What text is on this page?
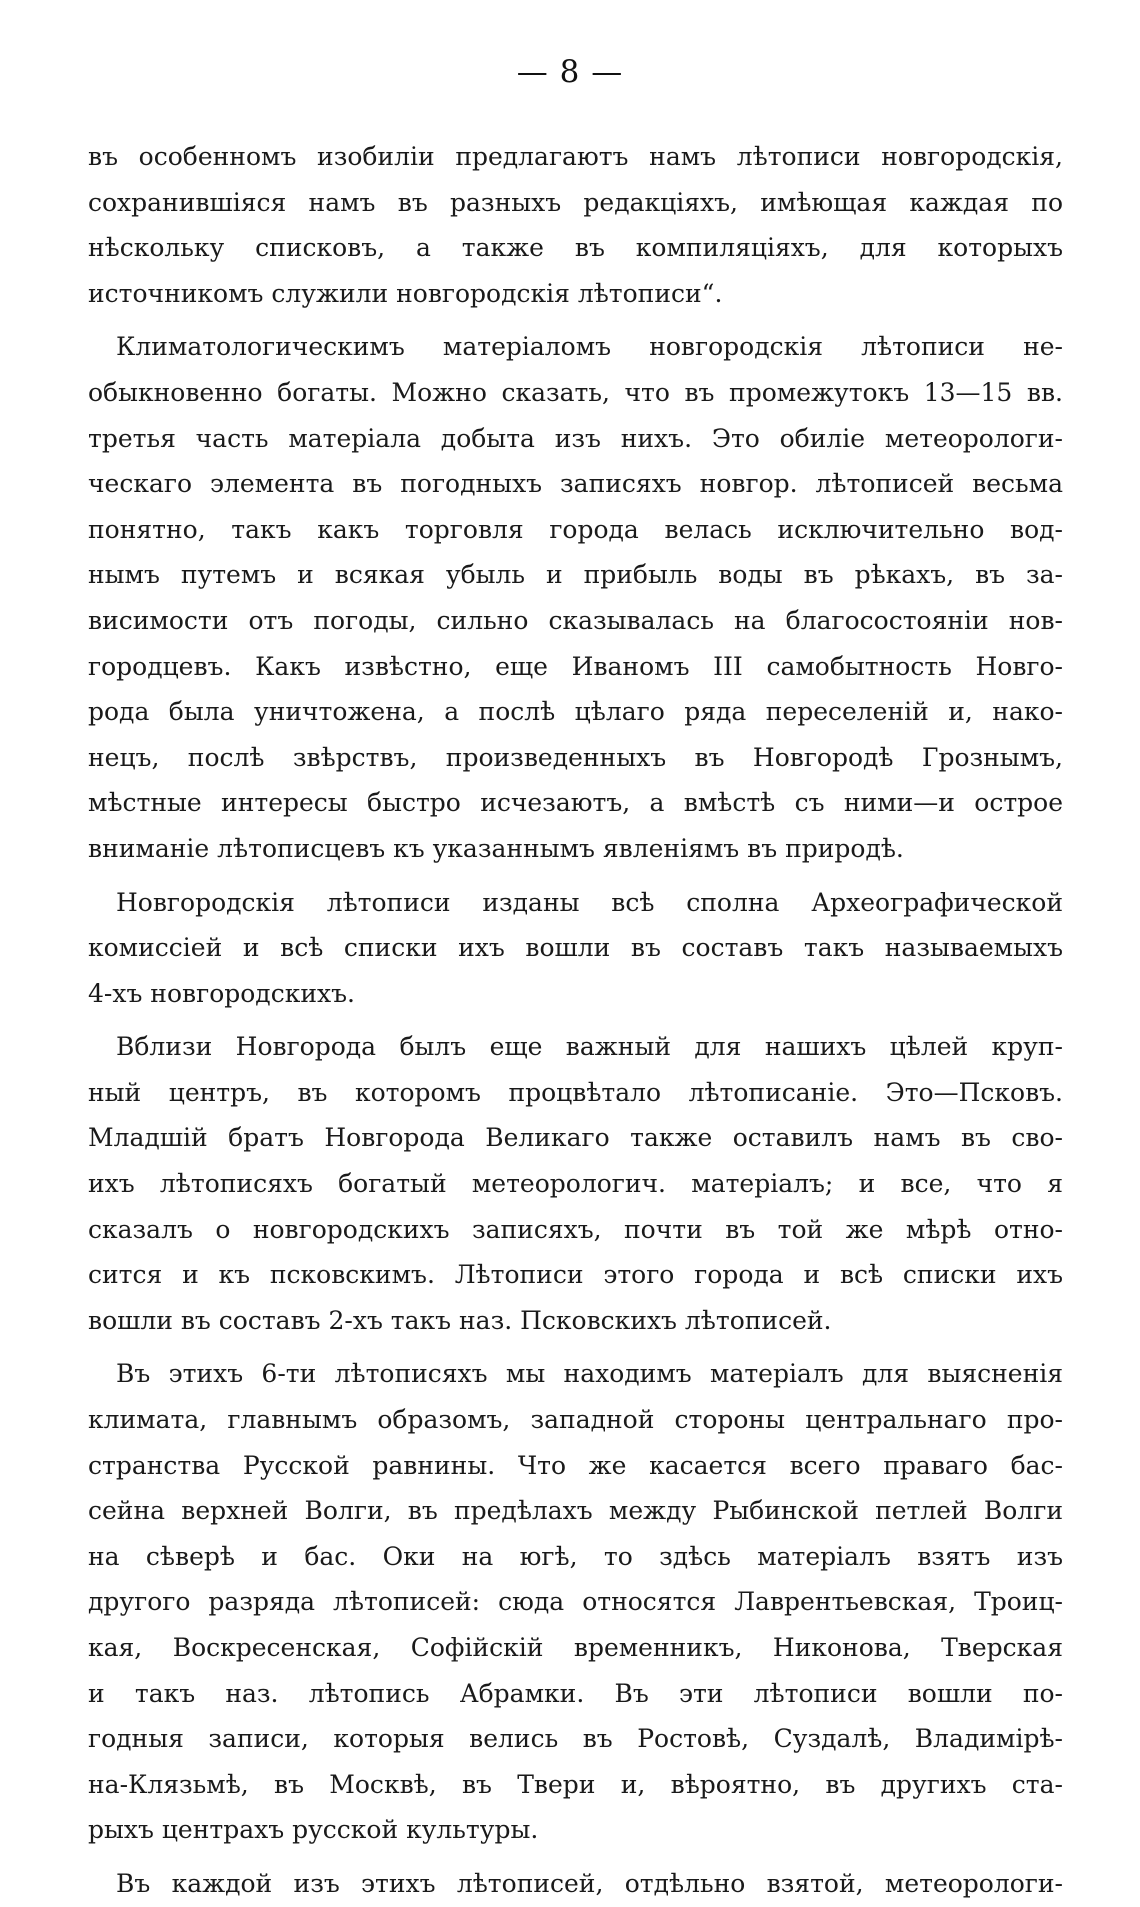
— 8 —
въ особенномъ изобиліи предлагаютъ намъ лѣтописи новгородскія,
сохранившіяся намъ въ разныхъ редакціяхъ, имѣющая каждая по
нѣскольку списковъ, а также въ компиляціяхъ, для которыхъ
источникомъ служили новгородскія лѣтописи“.
Климатологическимъ матеріаломъ новгородскія лѣтописи не-
обыкновенно богаты. Можно сказать, что въ промежутокъ 13—15 вв.
третья часть матеріала добыта изъ нихъ. Это обиліе метеорологи-
ческаго элемента въ погодныхъ записяхъ новгор. лѣтописей весьма
понятно, такъ какъ торговля города велась исключительно вод-
нымъ путемъ и всякая убыль и прибыль воды въ рѣкахъ, въ за-
висимости отъ погоды, сильно сказывалась на благосостояніи нов-
городцевъ. Какъ извѣстно, еще Иваномъ III самобытность Новго-
рода была уничтожена, а послѣ цѣлаго ряда переселеній и, нако-
нецъ, послѣ звѣрствъ, произведенныхъ въ Новгородѣ Грознымъ,
мѣстные интересы быстро исчезаютъ, а вмѣстѣ съ ними—и острое
вниманіе лѣтописцевъ къ указаннымъ явленіямъ въ природѣ.
Новгородскія лѣтописи изданы всѣ сполна Археографической
комиссіей и всѣ списки ихъ вошли въ составъ такъ называемыхъ
4-хъ новгородскихъ.
Вблизи Новгорода былъ еще важный для нашихъ цѣлей круп-
ный центръ, въ которомъ процвѣтало лѣтописаніе. Это—Псковъ.
Младшій братъ Новгорода Великаго также оставилъ намъ въ сво-
ихъ лѣтописяхъ богатый метеорологич. матеріалъ; и все, что я
сказалъ о новгородскихъ записяхъ, почти въ той же мѣрѣ отно-
сится и къ псковскимъ. Лѣтописи этого города и всѣ списки ихъ
вошли въ составъ 2-хъ такъ наз. Псковскихъ лѣтописей.
Въ этихъ 6-ти лѣтописяхъ мы находимъ матеріалъ для выясненія
климата, главнымъ образомъ, западной стороны центральнаго про-
странства Русской равнины. Что же касается всего праваго бас-
сейна верхней Волги, въ предѣлахъ между Рыбинской петлей Волги
на сѣверѣ и бас. Оки на югѣ, то здѣсь матеріалъ взятъ изъ
другого разряда лѣтописей: сюда относятся Лаврентьевская, Троиц-
кая, Воскресенская, Софійскій временникъ, Никонова, Тверская
и такъ наз. лѣтопись Абрамки. Въ эти лѣтописи вошли по-
годныя записи, которыя велись въ Ростовѣ, Суздалѣ, Владимірѣ-
на-Клязьмѣ, въ Москвѣ, въ Твери и, вѣроятно, въ другихъ ста-
рыхъ центрахъ русской культуры.
Въ каждой изъ этихъ лѣтописей, отдѣльно взятой, метеорологи-
